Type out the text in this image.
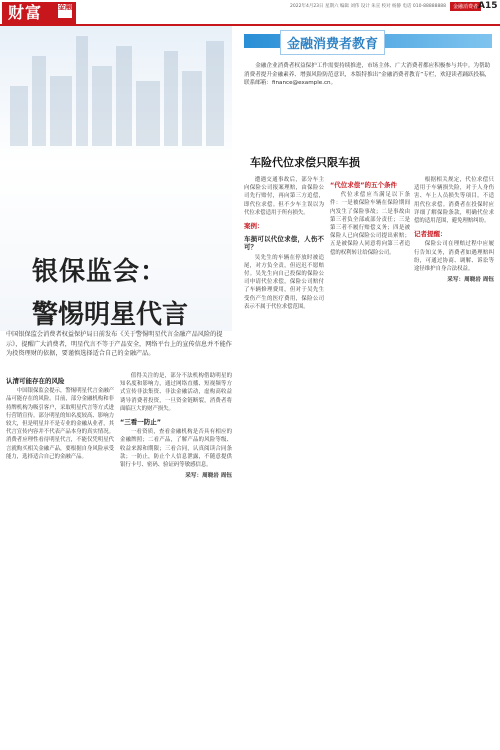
财富	金融	2022年4月23日 星期六 编辑 刘伟 设计 朱宣 校对 杨静 电话 010-88888888	金融消费者 A15
银保监会：
警惕明星代言
中国银保监会消费者权益保护局日前发布《关于警惕明星代言金融产品风险的提示》，提醒广大消费者，明星代言不等于产品安全，网络平台上的宣传信息并不能作为投资理财的依据，要谨慎选择适合自己的金融产品。
认清可能存在的风险

中国银保监会提示，警惕明星代言金融产品可能存在的风险。目前，部分金融机构和非持牌机构为吸引客户，采取明星代言等方式进行营销宣传。部分明星的知名度较高、影响力较大，但是明星并不是专业的金融从业者，其代言宣传内容并不代表产品本身的真实情况。消费者应理性看待明星代言，不能仅凭明星代言就购买相关金融产品，要根据自身风险承受能力，选择适合自己的金融产品。

值得关注的是，部分不法机构借助明星的知名度和影响力，通过网络直播、短视频等方式宣传非法集资、非法金融活动，虚构高收益诱导消费者投资，一旦资金链断裂，消费者将面临巨大的财产损失。

“三看一防止”

一看资质，查看金融机构是否具有相应的金融牌照；二看产品，了解产品的风险等级、收益来源和期限；三看合同，认真阅读合同条款；一防止，防止个人信息泄露，不随意提供银行卡号、密码、验证码等敏感信息。

采写：周晓岩 周钰
金融消费者教育

金融企业消费者权益保护工作需要持续推进，市场主体、广大消费者都应积极参与其中。为帮助消费者提升金融素养、增强风险防范意识，本版特推出“金融消费者教育”专栏，欢迎读者踊跃投稿，联系邮箱：finance@example.cn。

车险代位求偿只限车损

遭遇交通事故后，部分车主向保险公司报案理赔，由保险公司先行赔付，再向第三方追偿，即代位求偿。但不少车主误以为代位求偿适用于所有损失。

案例：
车损可以代位求偿，人伤不可？

吴先生的车辆在停放时被追尾，对方负全责，但迟迟不愿赔付。吴先生向自己投保的保险公司申请代位求偿，保险公司赔付了车辆修理费用，但对于吴先生受伤产生的医疗费用，保险公司表示不属于代位求偿范围。

“代位求偿”的五个条件

代位求偿应当满足以下条件：一是被保险车辆在保险期间内发生了保险事故；二是事故由第三者负全部或部分责任；三是第三者不履行赔偿义务；四是被保险人已向保险公司提出索赔；五是被保险人同意将向第三者追偿的权利转让给保险公司。

根据相关规定，代位求偿只适用于车辆损失险，对于人身伤害、车上人员损失等项目，不适用代位求偿。消费者在投保时应详细了解保险条款，明确代位求偿的适用范围，避免理赔纠纷。

记者提醒：

保险公司在理赔过程中应履行告知义务，消费者如遇理赔纠纷，可通过协商、调解、诉讼等途径维护自身合法权益。

采写：周晓岩 周钰
